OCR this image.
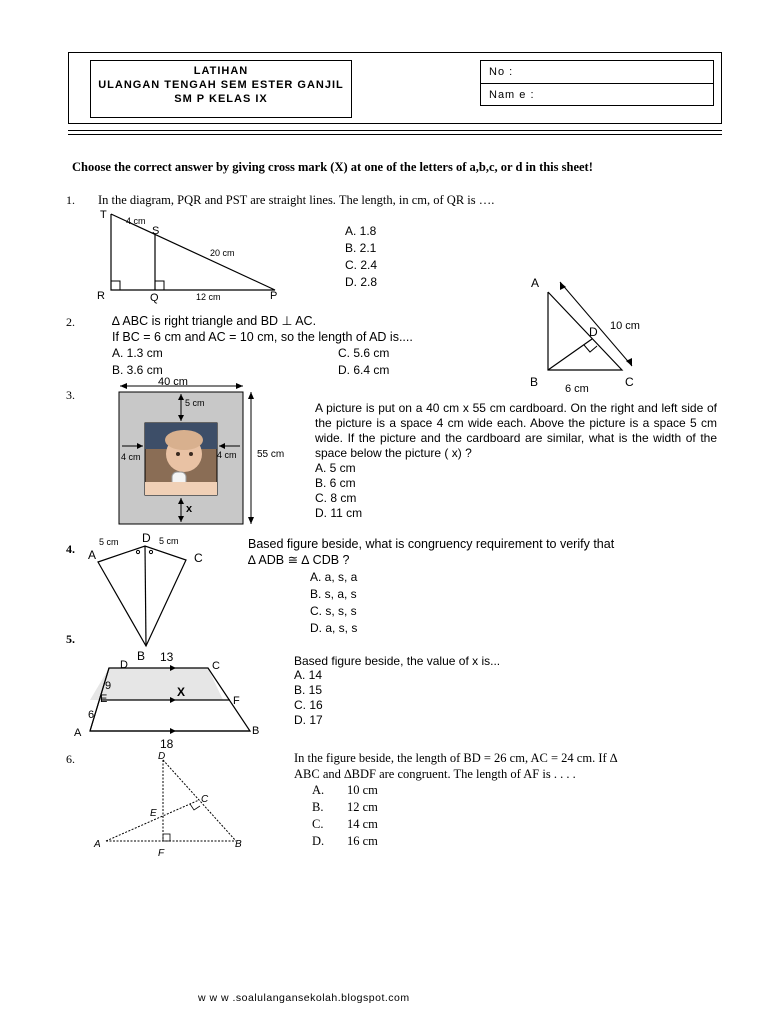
LATIHAN
ULANGAN TENGAH SEM ESTER GANJIL
SM P KELAS IX
No :
Nam e :
Choose the correct answer by giving cross mark (X) at one of the letters of a,b,c, or d in this sheet!
1. In the diagram, PQR and PST are straight lines. The length, in cm, of QR is ….
T
S
R	Q	P
4 cm
20 cm
12 cm
A. 1.8
B. 2.1
C. 2.4
D. 2.8	A
B	C
D 10 cm
6 cm
2.	∆ ABC is right triangle and BD ⊥ AC.
If BC = 6 cm and AC = 10 cm, so the length of AD is....
A. 1.3 cm	C. 5.6 cm
B. 3.6 cm	D. 6.4 cm
3.
40 cm
55 cm
5 cm
4 cm	4 cm
x
A picture is put on a 40 cm x 55 cm cardboard. On the right and left side of the picture is a space 4 cm wide each. Above the picture is a space 5 cm wide. If the picture and the cardboard are similar, what is the width of the space below the picture ( x) ?
A. 5 cm
B. 6 cm
C. 8 cm
D. 11 cm
4. A
D
C
B
5 cm	5 cm	Based figure beside, what is congruency requirement to verify that
∆ ADB ≅ ∆ CDB ?
A. a, s, a
B. s, a, s
C. s, s, s
D. a, s, s
5.
13
18
X
9
6
D	C
E	F
A	B
Based figure beside, the value of x is...
A. 14
B. 15
C. 16
D. 17
6.	D
C
E
A	B
F
In the figure beside, the length of BD = 26 cm, AC = 24 cm. If ∆
ABC and ∆BDF are congruent. The length of AF is . . . .
A.
B.
C.
D.
10 cm
12 cm
14 cm
16 cm
w w w .soalulangansekolah.blogspot.com
